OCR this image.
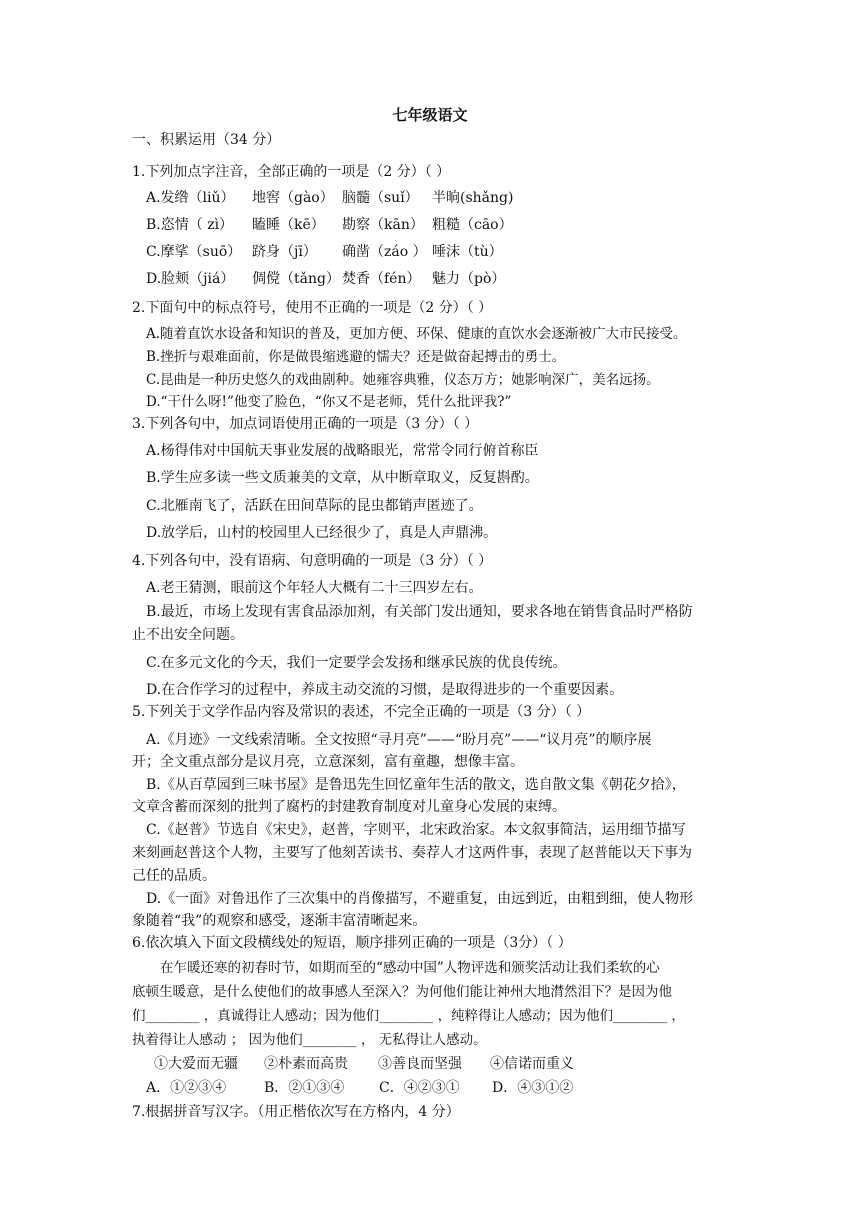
七年级语文
一、积累运用（34 分）
1.下列加点字注音，全部正确的一项是（2 分）（ ）
A.发绺（liǔ） 地窖（gào） 脑髓（suǐ） 半晌(shǎng)
B.恣情（ zì） 瞌睡（kē） 勘察（kān） 粗糙（cāo）
C.摩挲（suō） 跻身（jī） 确凿（záo ） 唾沫（tù）
D.脸颊（jiá） 倜傥（tǎng） 焚香（fén） 魅力（pò）
2.下面句中的标点符号，使用不正确的一项是（2 分）（ ）
A.随着直饮水设备和知识的普及，更加方便、环保、健康的直饮水会逐渐被广大市民接受。
B.挫折与艰难面前，你是做畏缩逃避的懦夫？还是做奋起搏击的勇士。
C.昆曲是一种历史悠久的戏曲剧种。她雍容典雅，仪态万方；她影响深广，美名远扬。
D.“干什么呀!”他变了脸色，“你又不是老师，凭什么批评我?”
3.下列各句中，加点词语使用正确的一项是（3 分）（ ）
A.杨得伟对中国航天事业发展的战略眼光，常常令同行俯首称臣
B.学生应多读一些文质兼美的文章，从中断章取义，反复斟酌。
C.北雁南飞了，活跃在田间草际的昆虫都销声匿迹了。
D.放学后，山村的校园里人已经很少了，真是人声鼎沸。
4.下列各句中，没有语病、句意明确的一项是（3 分）（ ）
A.老王猜测，眼前这个年轻人大概有二十三四岁左右。
B.最近，市场上发现有害食品添加剂，有关部门发出通知，要求各地在销售食品时严格防
止不出安全问题。
C.在多元文化的今天，我们一定要学会发扬和继承民族的优良传统。
D.在合作学习的过程中，养成主动交流的习惯，是取得进步的一个重要因素。
5.下列关于文学作品内容及常识的表述，不完全正确的一项是（3 分）（ ）
A.《月迹》一文线索清晰。全文按照“寻月亮”——“盼月亮”——“议月亮”的顺序展
开；全文重点部分是议月亮，立意深刻，富有童趣，想像丰富。
B.《从百草园到三味书屋》是鲁迅先生回忆童年生活的散文，选自散文集《朝花夕拾》，
文章含蓄而深刻的批判了腐朽的封建教育制度对儿童身心发展的束缚。
C.《赵普》节选自《宋史》，赵普，字则平，北宋政治家。本文叙事简洁，运用细节描写
来刻画赵普这个人物，主要写了他刻苦读书、奏荐人才这两件事，表现了赵普能以天下事为
己任的品质。
D.《一面》对鲁迅作了三次集中的肖像描写，不避重复，由远到近，由粗到细，使人物形
象随着“我”的观察和感受，逐渐丰富清晰起来。
6.依次填入下面文段横线处的短语，顺序排列正确的一项是（3分）（ ）
在乍暖还寒的初春时节，如期而至的“感动中国”人物评选和颁奖活动让我们柔软的心
底顿生暖意，是什么使他们的故事感人至深入？为何他们能让神州大地潸然泪下？是因为他
们________ ，真诚得让人感动；因为他们________ ，纯粹得让人感动；因为他们________ ，
执着得让人感动 ； 因为他们________ ， 无私得让人感动。
①大爱而无疆 ②朴素而高贵 ③善良而坚强 ④信诺而重义
A．①②③④	B．②①③④ C．④②③① D．④③①②
7.根据拼音写汉字。（用正楷依次写在方格内，4 分）
